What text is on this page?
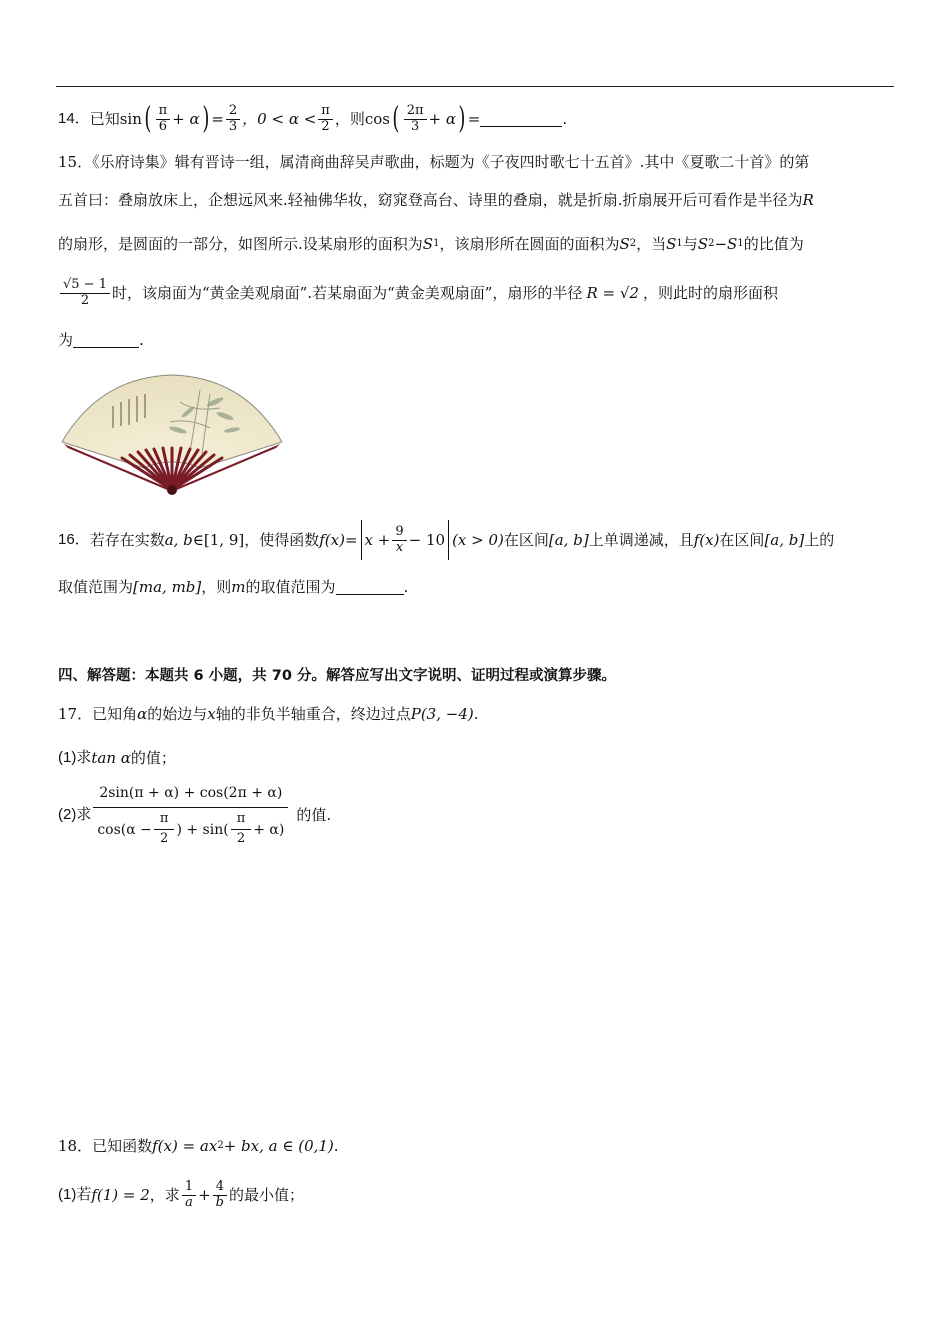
14． 已知 sin ( $\frac{\pi}{6} + \alpha$ ) = $\frac{2}{3}$ ，$0 < \alpha < \frac{\pi}{2}$ ，则 cos ( $\frac{2\pi}{3} + \alpha$ ) =	.
15．《乐府诗集》辑有晋诗一组，属清商曲辞吴声歌曲，标题为《子夜四时歌七十五首》.其中《夏歌二十首》的第
五首曰：叠扇放床上，企想远风来.轻袖佛华妆，窈窕登高台、诗里的叠扇，就是折扇.折扇展开后可看作是半径为 R
的扇形，是圆面的一部分，如图所示.设某扇形的面积为 S 1 ，该扇形所在圆面的面积为 S 2 ，当 S 1 与 S 2 − S 1 的比值为
$\frac{√5 - 1}{2}$ 时，该扇面为“黄金美观扇面”.若某扇面为“黄金美观扇面”，扇形的半径 R = √2 ，则此时的扇形面积
为	.
折扇图
16． 若存在实数 a, b ∈ [1, 9] ，使得函数 $f(x) = x + \frac{9}{x} - 10$ (x > 0) 在区间 [a, b] 上单调递减，且 f(x) 在区间 [a, b] 上的
取值范围为 [ma, mb] ，则 m 的取值范围为	.
四、解答题：本题共 6 小题，共 70 分。解答应写出文字说明、证明过程或演算步骤。
17．已知角 α 的始边与 x 轴的非负半轴重合，终边过点 P(3, −4) .
(1)求 tan α 的值；
(2)求
2sin(π + α) + cos(2π + α)
$\cos(\alpha - \frac{\pi}{2}$ ) + $\sin( \frac{\pi}{2} + \alpha)$
的值.
18．已知函数 f(x) = ax 2 + bx, a ∈ (0,1) .
(1)若 f(1) = 2 ，求 $\frac{1}{a} + \frac{4}{b}$ 的最小值；
